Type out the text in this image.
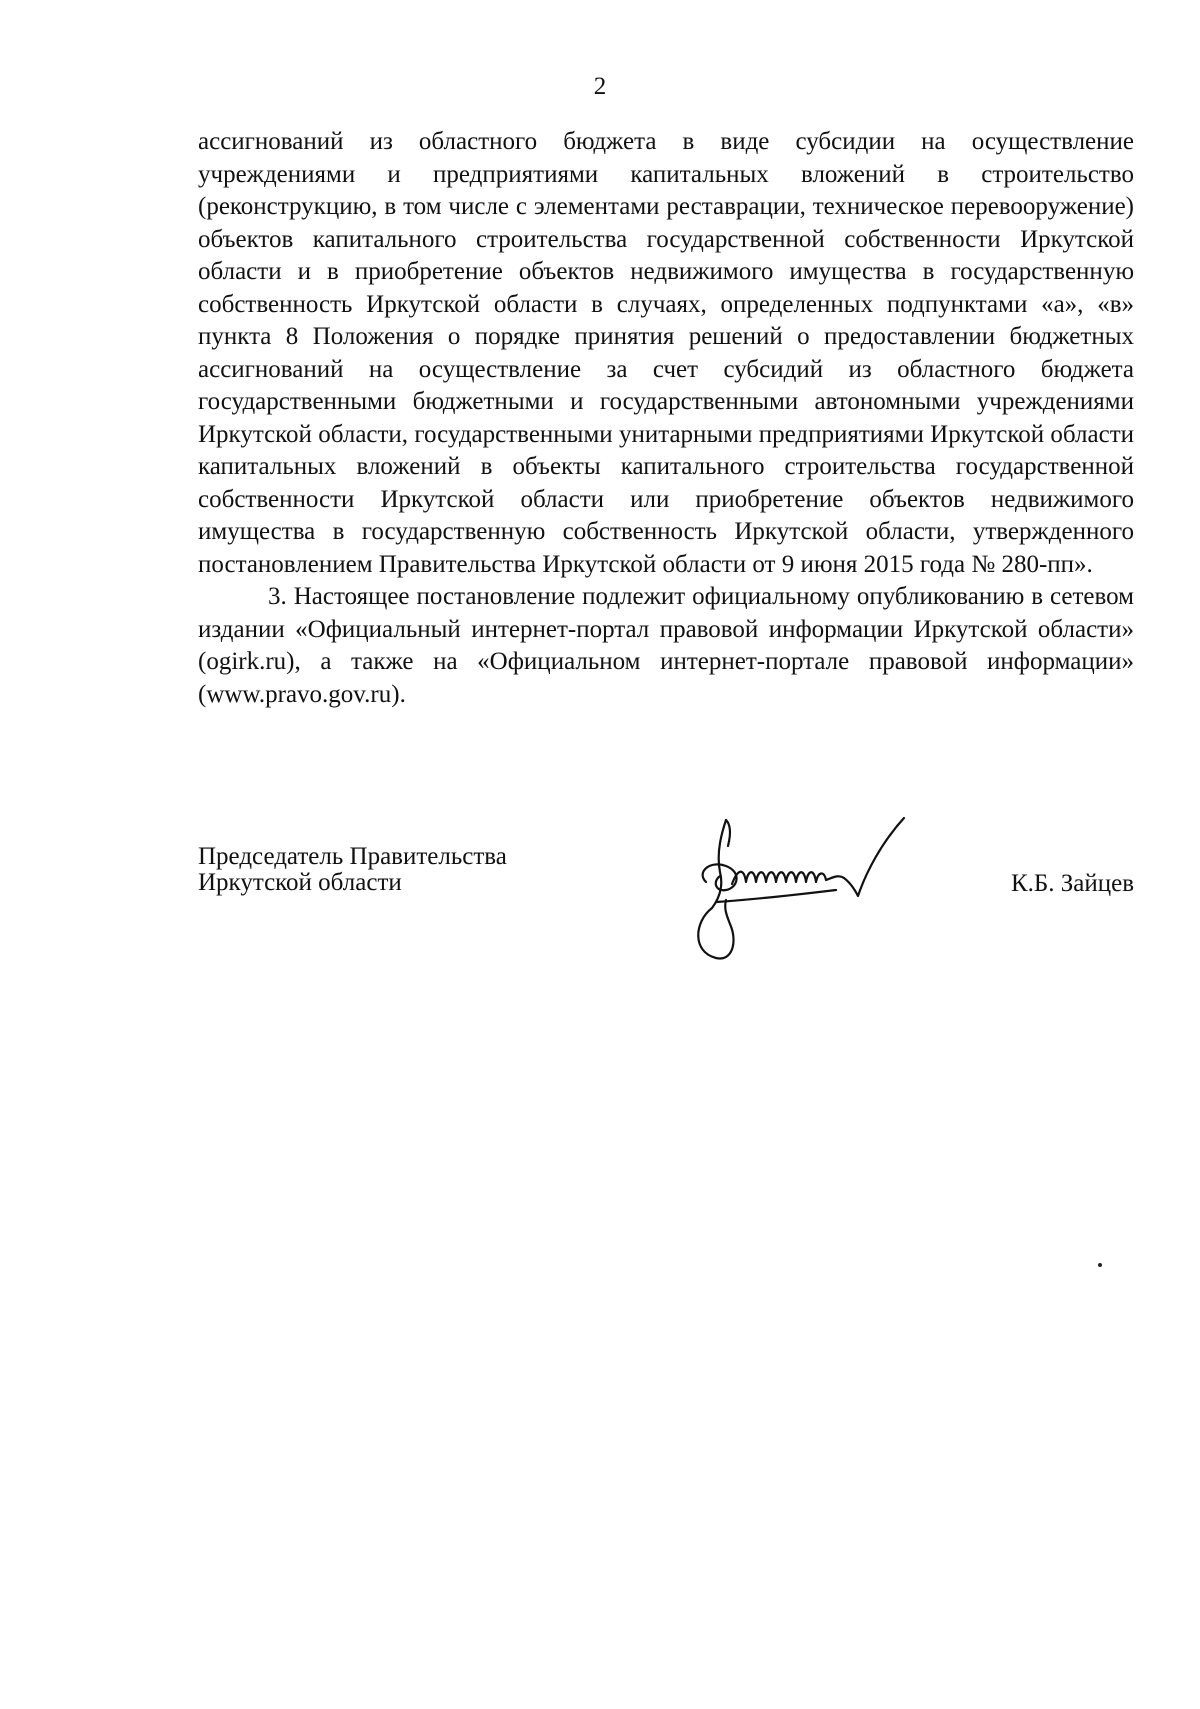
2

ассигнований из областного бюджета в виде субсидии на осуществление учреждениями и предприятиями капитальных вложений в строительство (реконструкцию, в том числе с элементами реставрации, техническое перевооружение) объектов капитального строительства государственной собственности Иркутской области и в приобретение объектов недвижимого имущества в государственную собственность Иркутской области в случаях, определенных подпунктами «а», «в» пункта 8 Положения о порядке принятия решений о предоставлении бюджетных ассигнований на осуществление за счет субсидий из областного бюджета государственными бюджетными и государственными автономными учреждениями Иркутской области, государственными унитарными предприятиями Иркутской области капитальных вложений в объекты капитального строительства государственной собственности Иркутской области или приобретение объектов недвижимого имущества в государственную собственность Иркутской области, утвержденного постановлением Правительства Иркутской области от 9 июня 2015 года № 280-пп».

3. Настоящее постановление подлежит официальному опубликованию в сетевом издании «Официальный интернет-портал правовой информации Иркутской области» (ogirk.ru), а также на «Официальном интернет-портале правовой информации» (www.pravo.gov.ru).

Председатель Правительства
Иркутской области	К.Б. Зайцев
